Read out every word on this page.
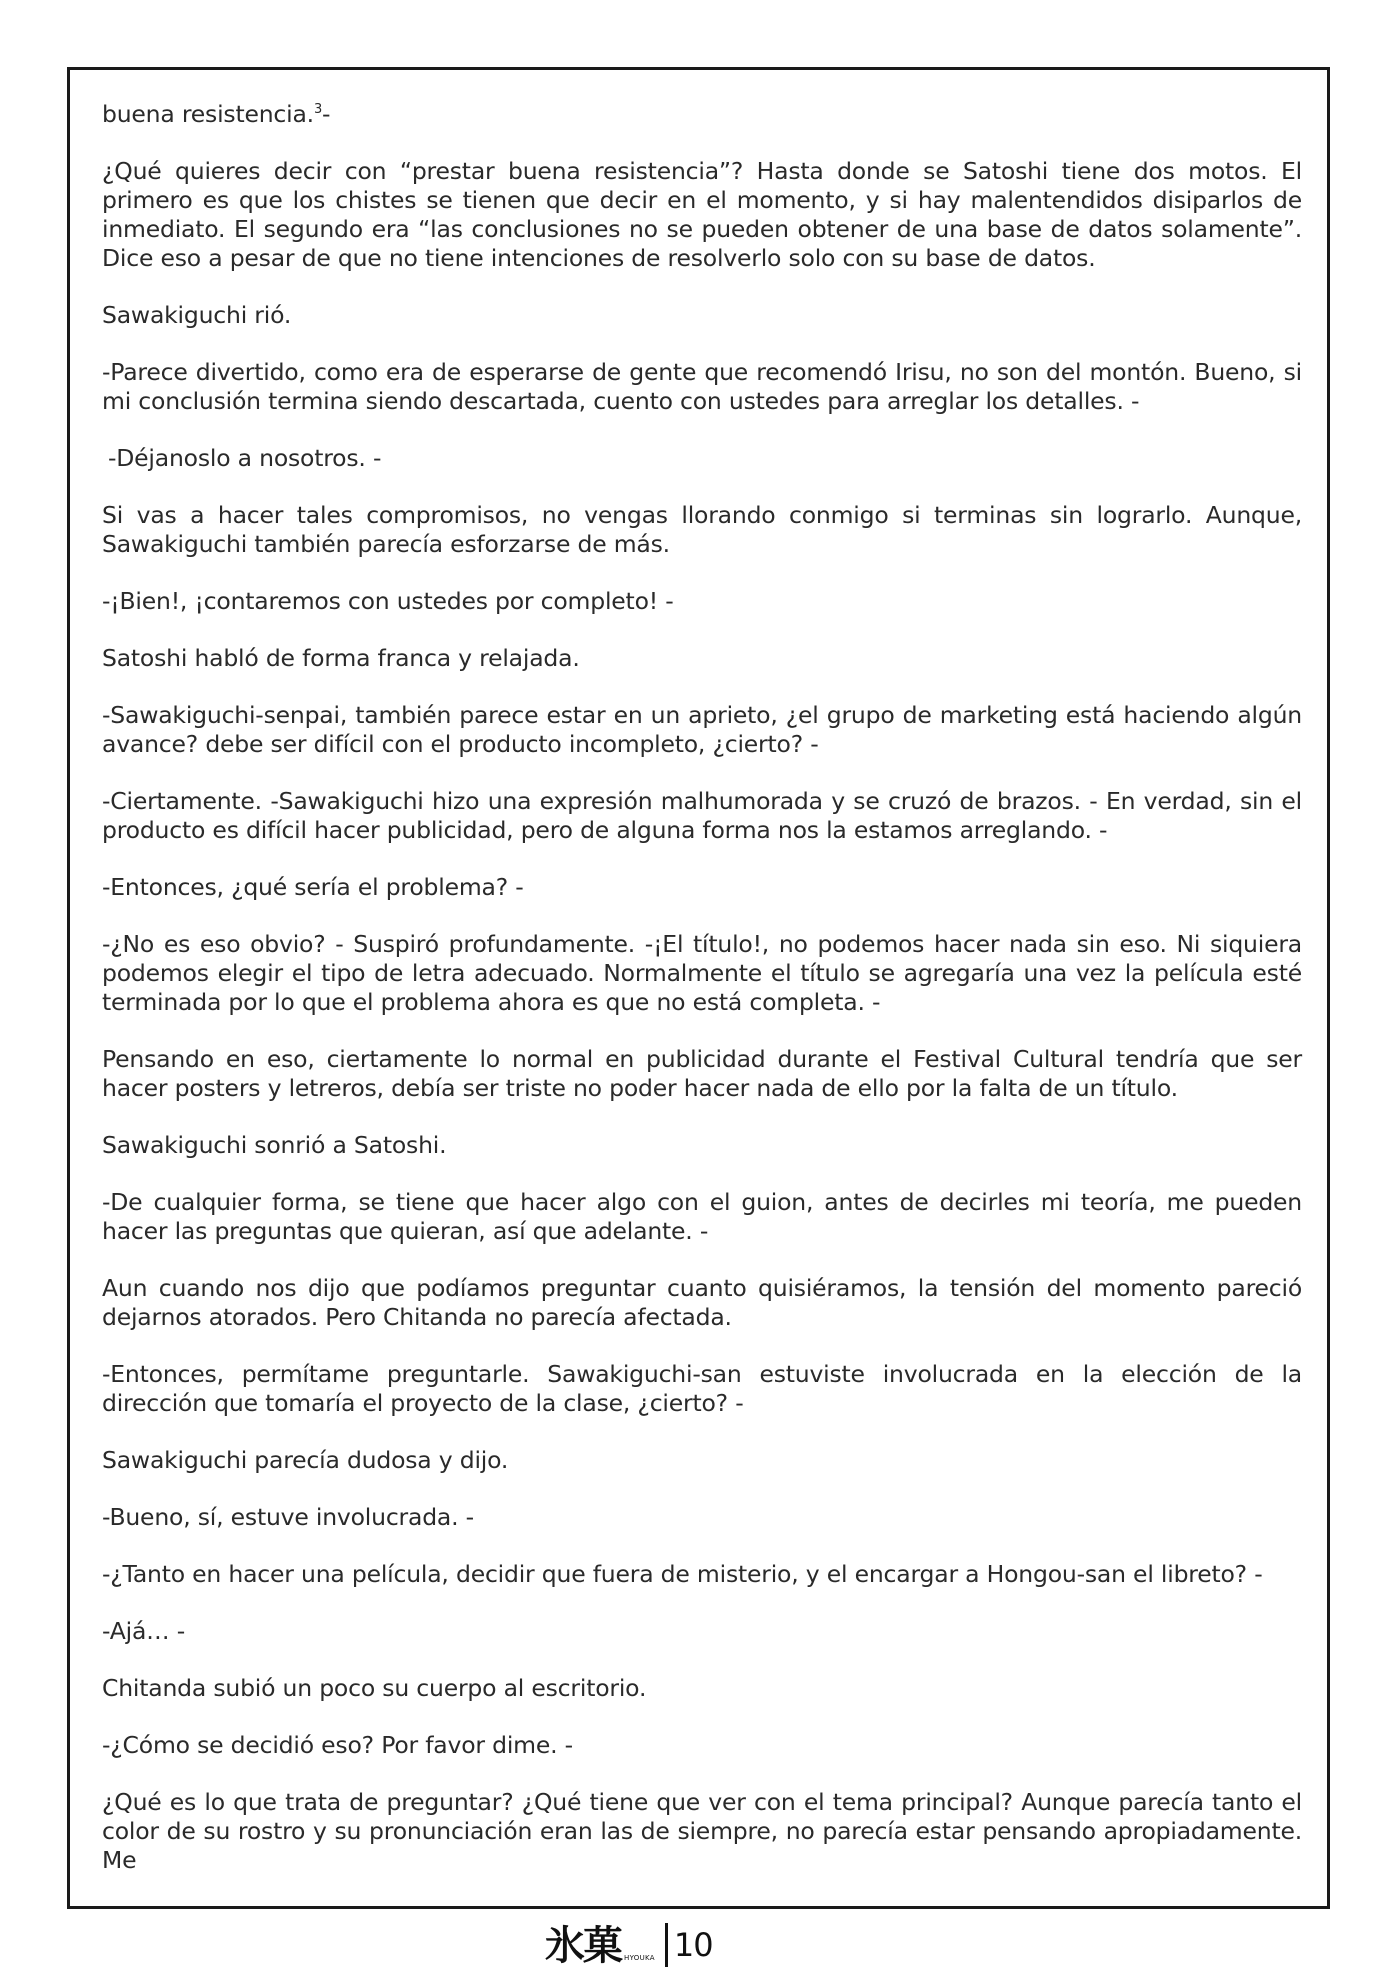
buena resistencia.$^3$-

¿Qué quieres decir con “prestar buena resistencia”? Hasta donde se Satoshi tiene dos motos. El primero es que los chistes se tienen que decir en el momento, y si hay malentendidos disiparlos de inmediato. El segundo era “las conclusiones no se pueden obtener de una base de datos solamente”. Dice eso a pesar de que no tiene intenciones de resolverlo solo con su base de datos.

Sawakiguchi rió.

-Parece divertido, como era de esperarse de gente que recomendó Irisu, no son del montón. Bueno, si mi conclusión termina siendo descartada, cuento con ustedes para arreglar los detalles. -

-Déjanoslo a nosotros. -

Si vas a hacer tales compromisos, no vengas llorando conmigo si terminas sin lograrlo. Aunque, Sawakiguchi también parecía esforzarse de más.

-¡Bien!, ¡contaremos con ustedes por completo! -

Satoshi habló de forma franca y relajada.

-Sawakiguchi-senpai, también parece estar en un aprieto, ¿el grupo de marketing está haciendo algún avance? debe ser difícil con el producto incompleto, ¿cierto? -

-Ciertamente. -Sawakiguchi hizo una expresión malhumorada y se cruzó de brazos. - En verdad, sin el producto es difícil hacer publicidad, pero de alguna forma nos la estamos arreglando. -

-Entonces, ¿qué sería el problema? -

-¿No es eso obvio? - Suspiró profundamente. -¡El título!, no podemos hacer nada sin eso. Ni siquiera podemos elegir el tipo de letra adecuado. Normalmente el título se agregaría una vez la película esté terminada por lo que el problema ahora es que no está completa. -

Pensando en eso, ciertamente lo normal en publicidad durante el Festival Cultural tendría que ser hacer posters y letreros, debía ser triste no poder hacer nada de ello por la falta de un título.

Sawakiguchi sonrió a Satoshi.

-De cualquier forma, se tiene que hacer algo con el guion, antes de decirles mi teoría, me pueden hacer las preguntas que quieran, así que adelante. -

Aun cuando nos dijo que podíamos preguntar cuanto quisiéramos, la tensión del momento pareció dejarnos atorados. Pero Chitanda no parecía afectada.

-Entonces, permítame preguntarle. Sawakiguchi-san estuviste involucrada en la elección de la dirección que tomaría el proyecto de la clase, ¿cierto? -

Sawakiguchi parecía dudosa y dijo.

-Bueno, sí, estuve involucrada. -

-¿Tanto en hacer una película, decidir que fuera de misterio, y el encargar a Hongou-san el libreto? -

-Ajá… -

Chitanda subió un poco su cuerpo al escritorio.

-¿Cómo se decidió eso? Por favor dime. -

¿Qué es lo que trata de preguntar? ¿Qué tiene que ver con el tema principal? Aunque parecía tanto el color de su rostro y su pronunciación eran las de siempre, no parecía estar pensando apropiadamente. Me

氷菓 HYOUKA 10
